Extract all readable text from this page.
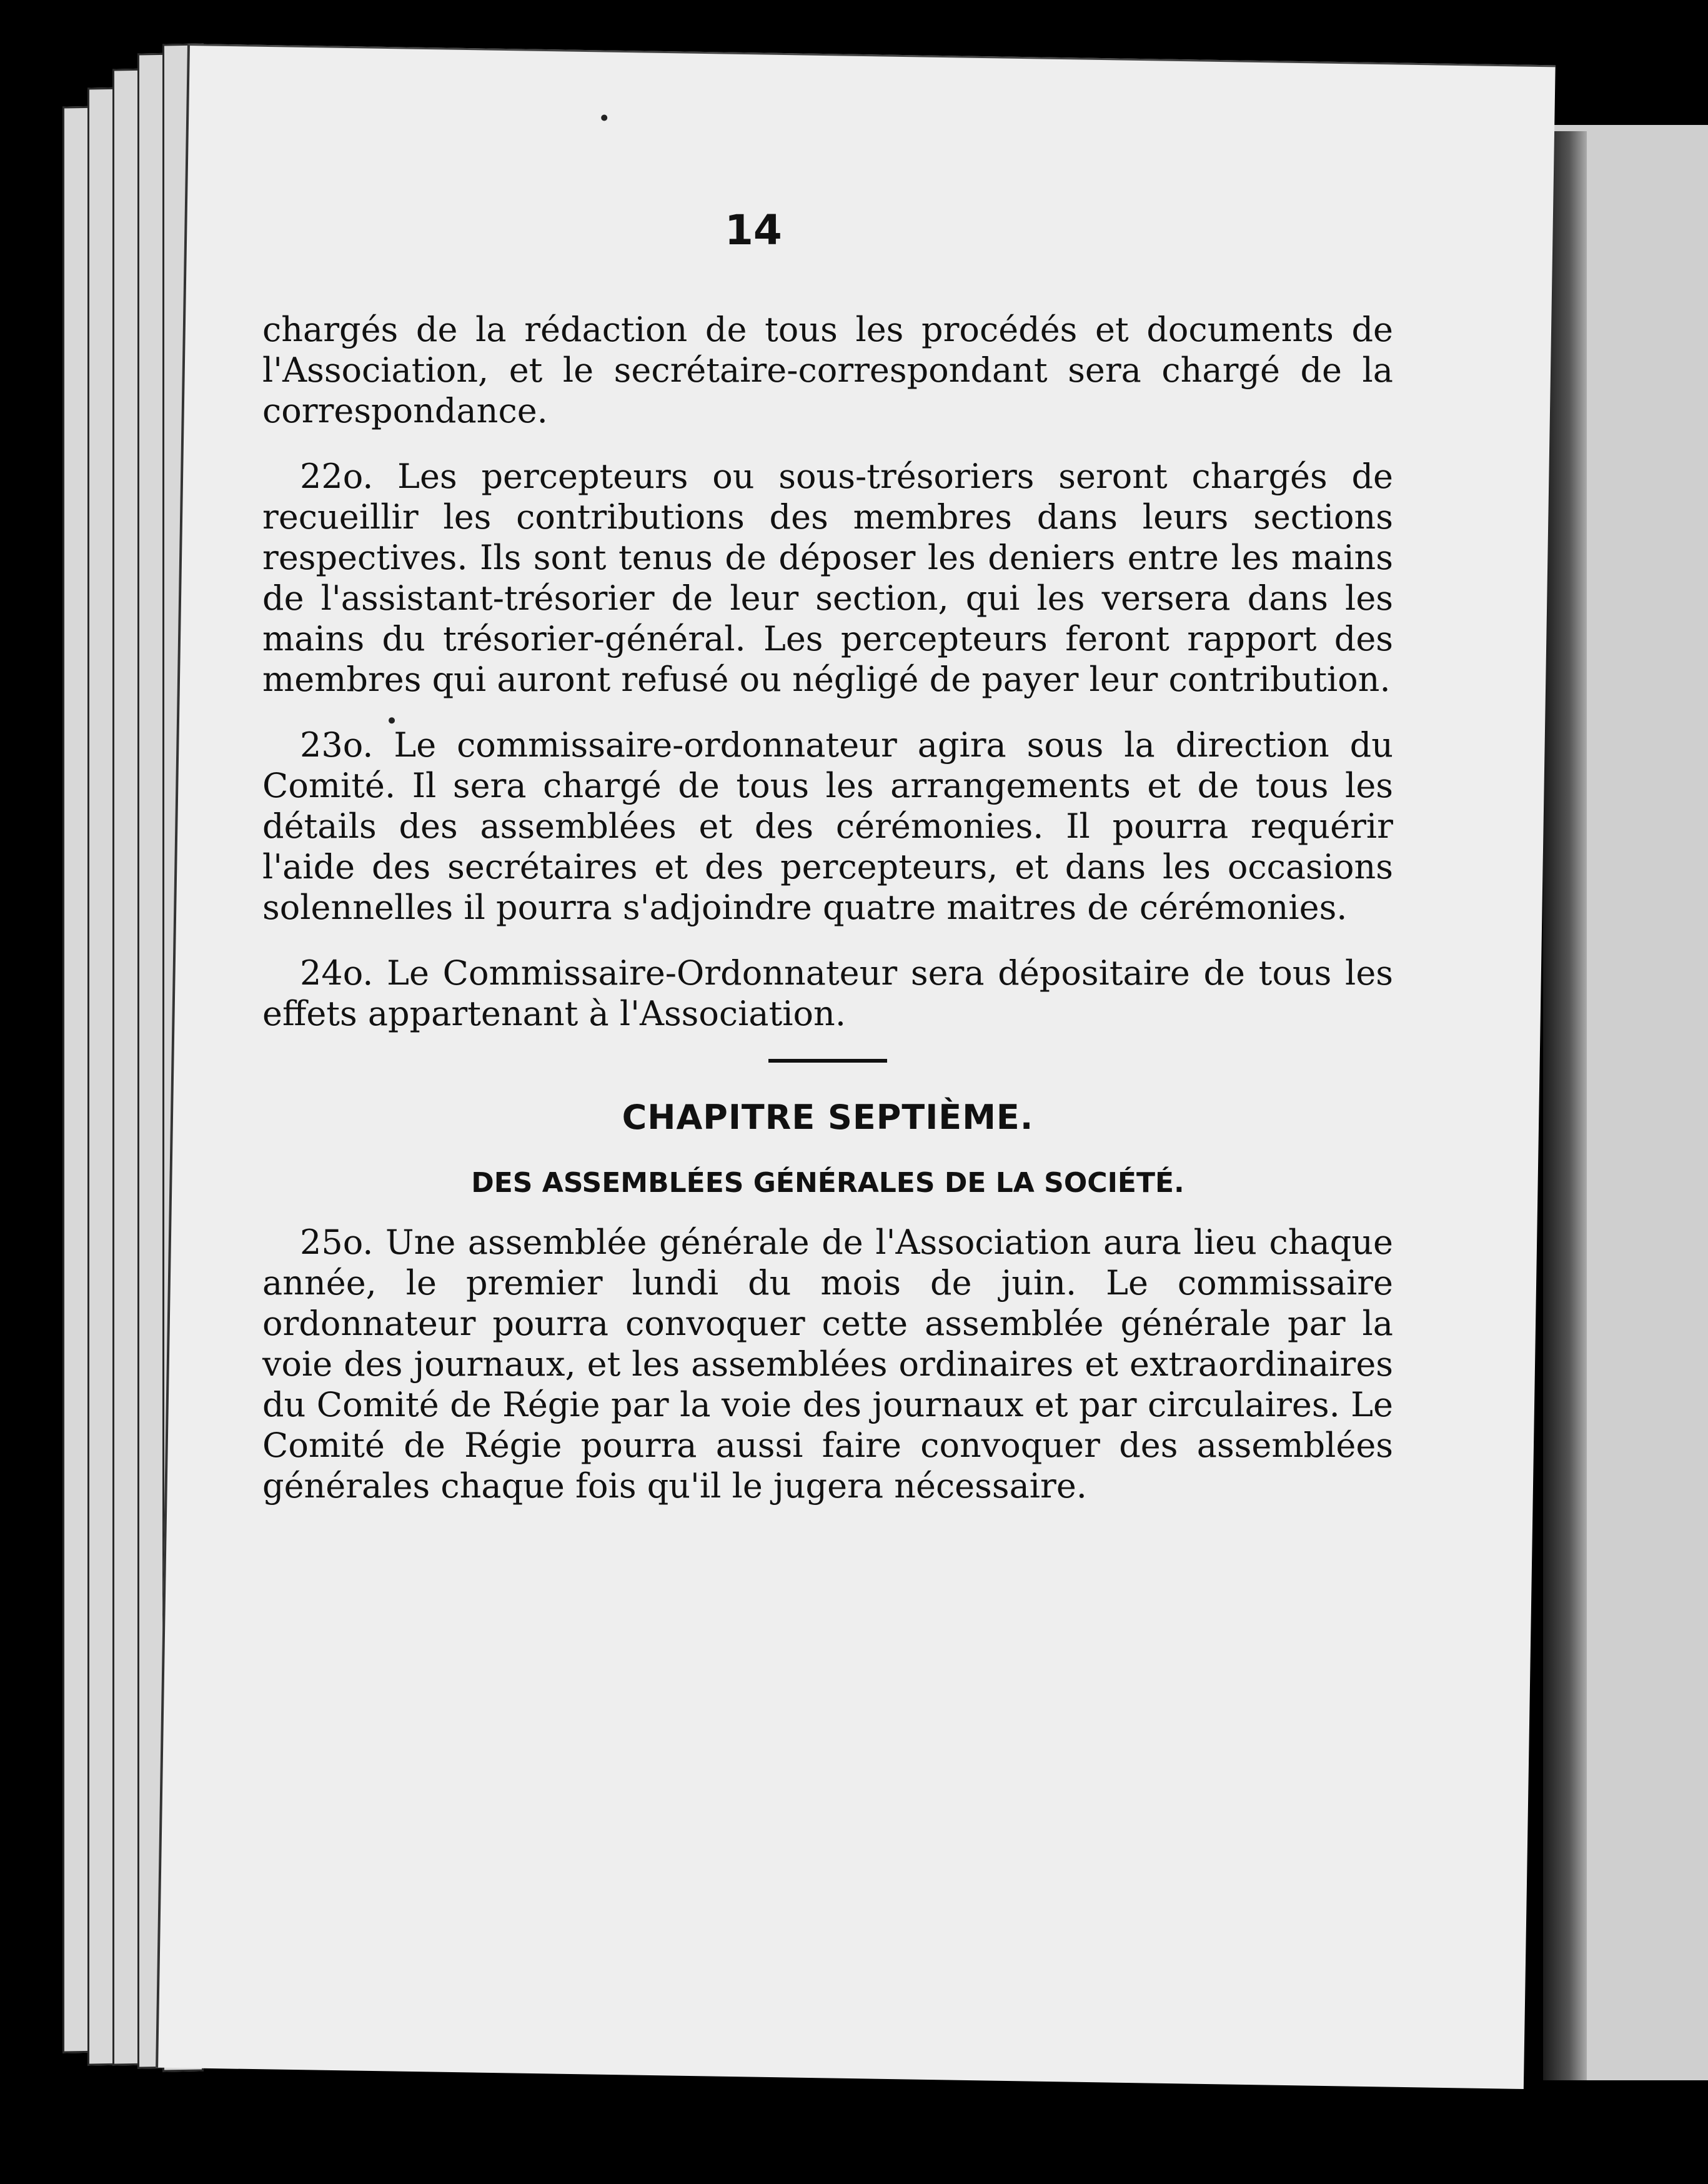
14

chargés de la rédaction de tous les procédés et documents de l'Association, et le secrétaire-correspondant sera chargé de la correspondance.

22o. Les percepteurs ou sous-trésoriers seront chargés de recueillir les contributions des membres dans leurs sections respectives. Ils sont tenus de déposer les deniers entre les mains de l'assistant-trésorier de leur section, qui les versera dans les mains du trésorier-général. Les percepteurs feront rapport des membres qui auront refusé ou négligé de payer leur contribution.

23o. Le commissaire-ordonnateur agira sous la direction du Comité. Il sera chargé de tous les arrangements et de tous les détails des assemblées et des cérémonies. Il pourra requérir l'aide des secrétaires et des percepteurs, et dans les occasions solennelles il pourra s'adjoindre quatre maitres de cérémonies.

24o. Le Commissaire-Ordonnateur sera dépositaire de tous les effets appartenant à l'Association.

CHAPITRE SEPTIÈME.
DES ASSEMBLÉES GÉNÉRALES DE LA SOCIÉTÉ.

25o. Une assemblée générale de l'Association aura lieu chaque année, le premier lundi du mois de juin. Le commissaire ordonnateur pourra convoquer cette assemblée générale par la voie des journaux, et les assemblées ordinaires et extraordinaires du Comité de Régie par la voie des journaux et par circulaires. Le Comité de Régie pourra aussi faire convoquer des assemblées générales chaque fois qu'il le jugera nécessaire.
